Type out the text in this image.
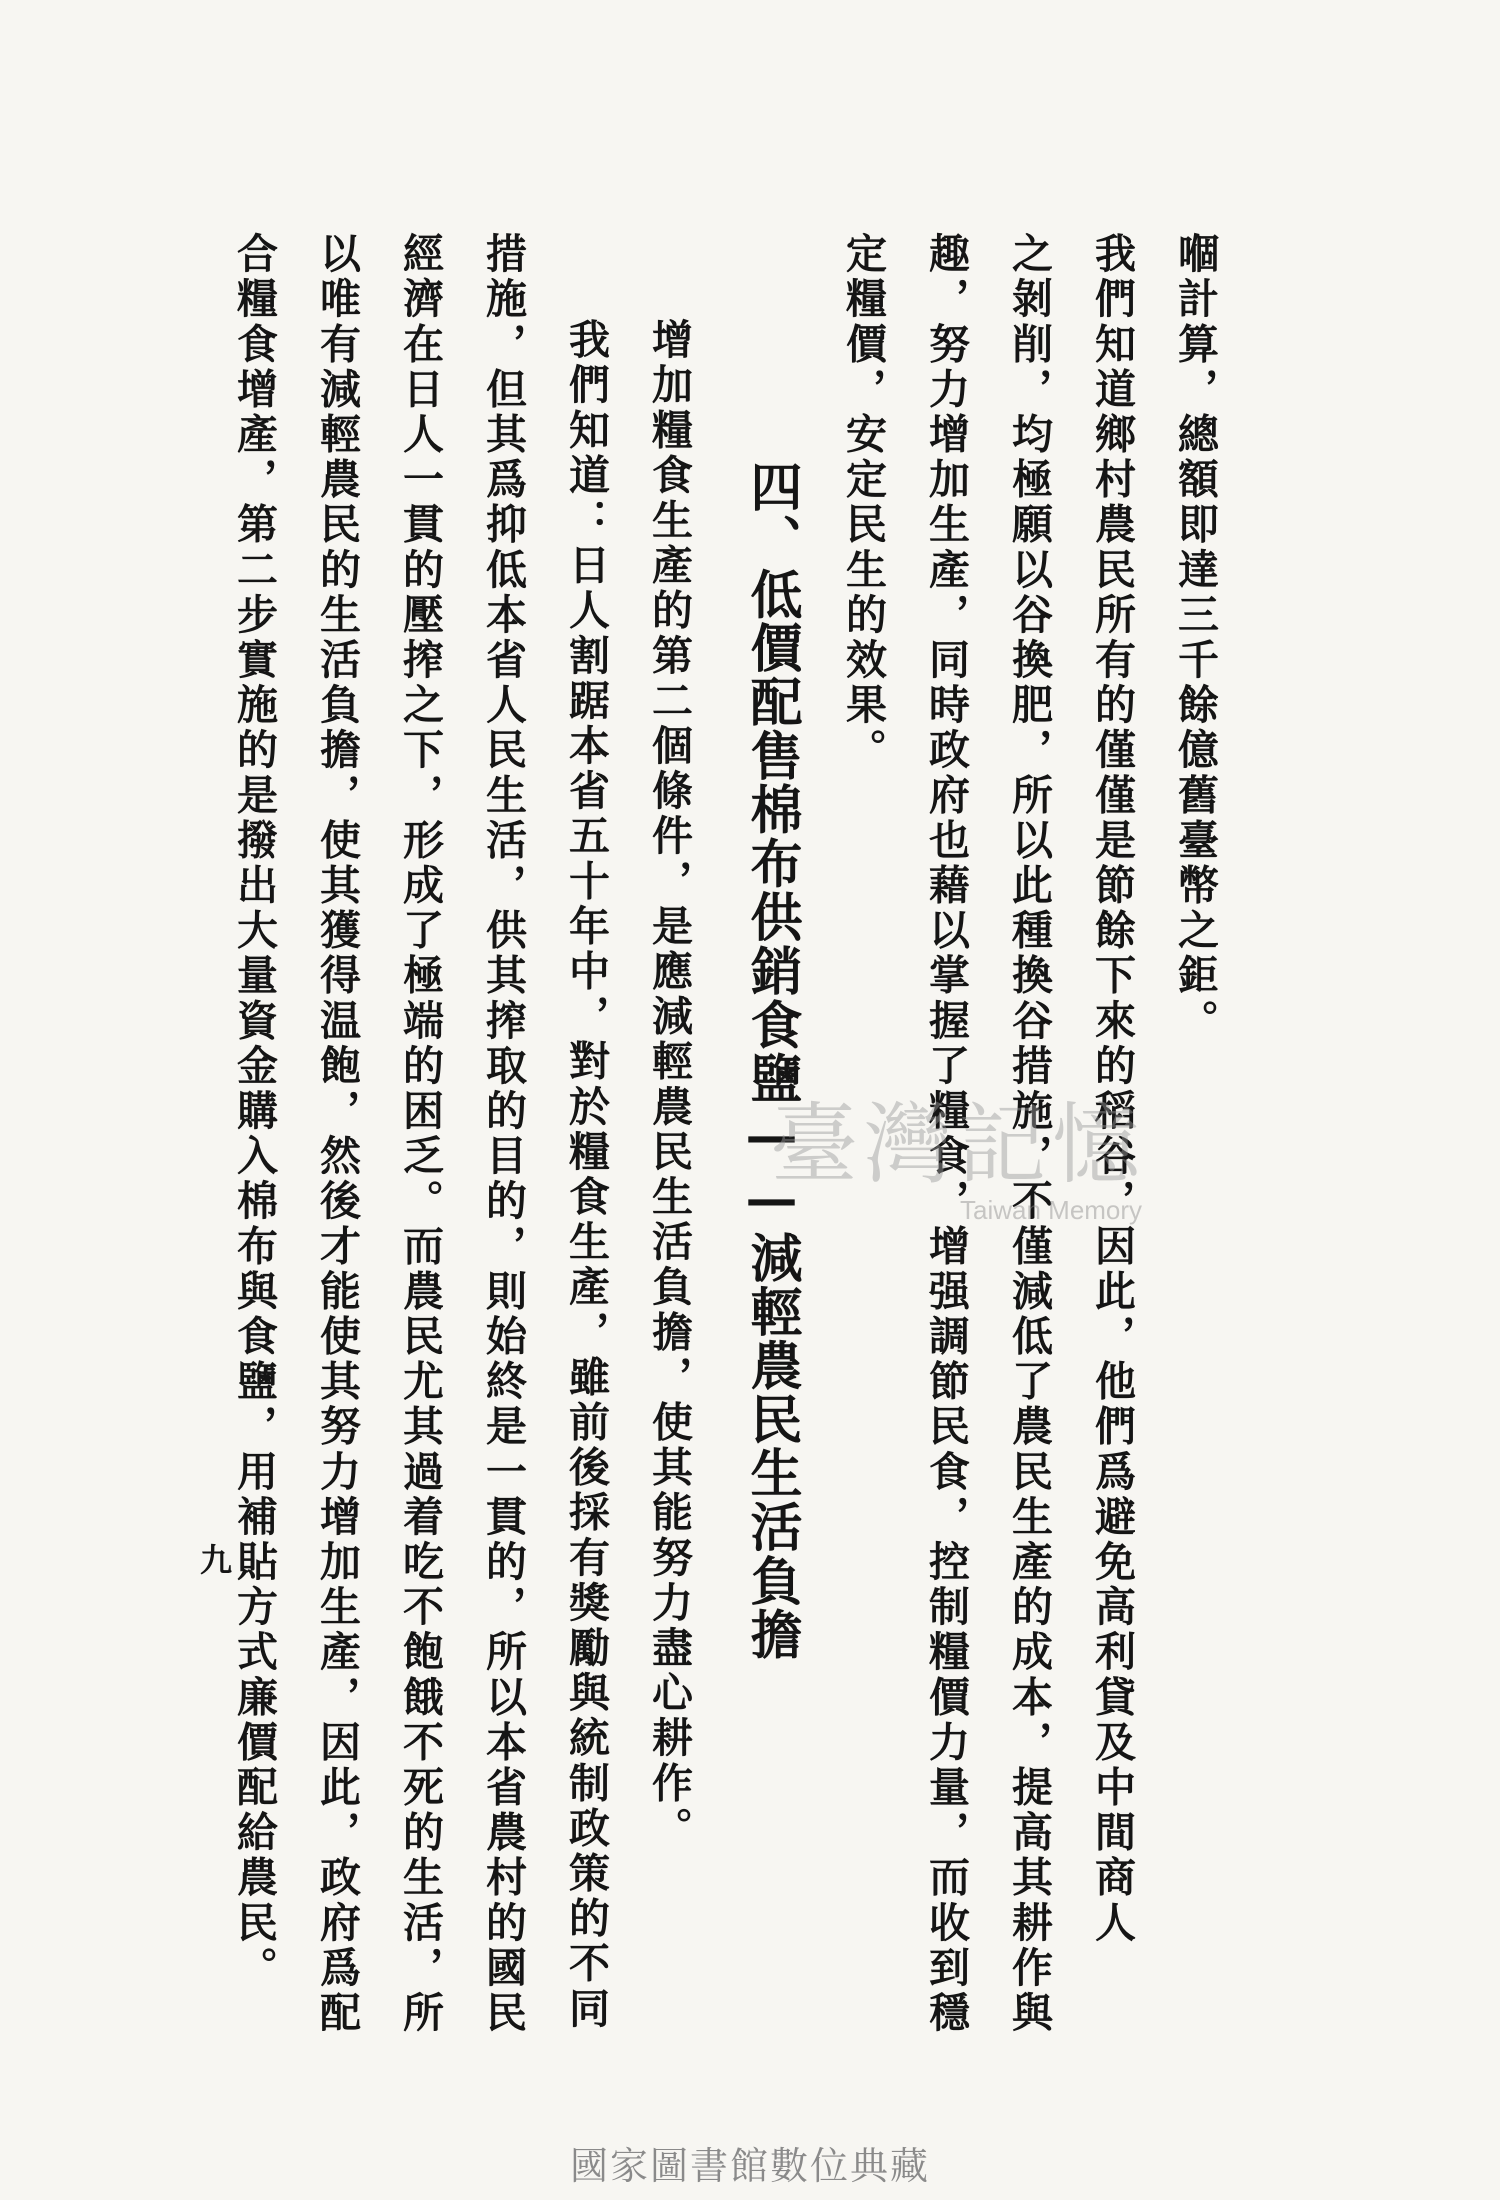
嗰計算，總額即達三千餘億舊臺幣之鉅。
我們知道鄉村農民所有的僅僅是節餘下來的稻谷，因此，他們爲避免高利貸及中間商人
之剝削，均極願以谷換肥，所以此種換谷措施，不僅減低了農民生產的成本，提高其耕作與
趣，努力增加生產，同時政府也藉以掌握了糧食，增强調節民食，控制糧價力量，而收到穩
定糧價，安定民生的效果。
四、低價配售棉布供銷食鹽——減輕農民生活負擔
增加糧食生產的第二個條件，是應減輕農民生活負擔，使其能努力盡心耕作。
我們知道：日人割踞本省五十年中，對於糧食生產，雖前後採有獎勵與統制政策的不同
措施，但其爲抑低本省人民生活，供其搾取的目的，則始終是一貫的，所以本省農村的國民
經濟在日人一貫的壓搾之下，形成了極端的困乏。而農民尤其過着吃不飽餓不死的生活，所
以唯有減輕農民的生活負擔，使其獲得温飽，然後才能使其努力增加生產，因此，政府爲配
合糧食增產，第二步實施的是撥出大量資金購入棉布與食鹽，用補貼方式廉價配給農民。
九
臺灣記憶
Taiwan Memory
國家圖書館數位典藏
